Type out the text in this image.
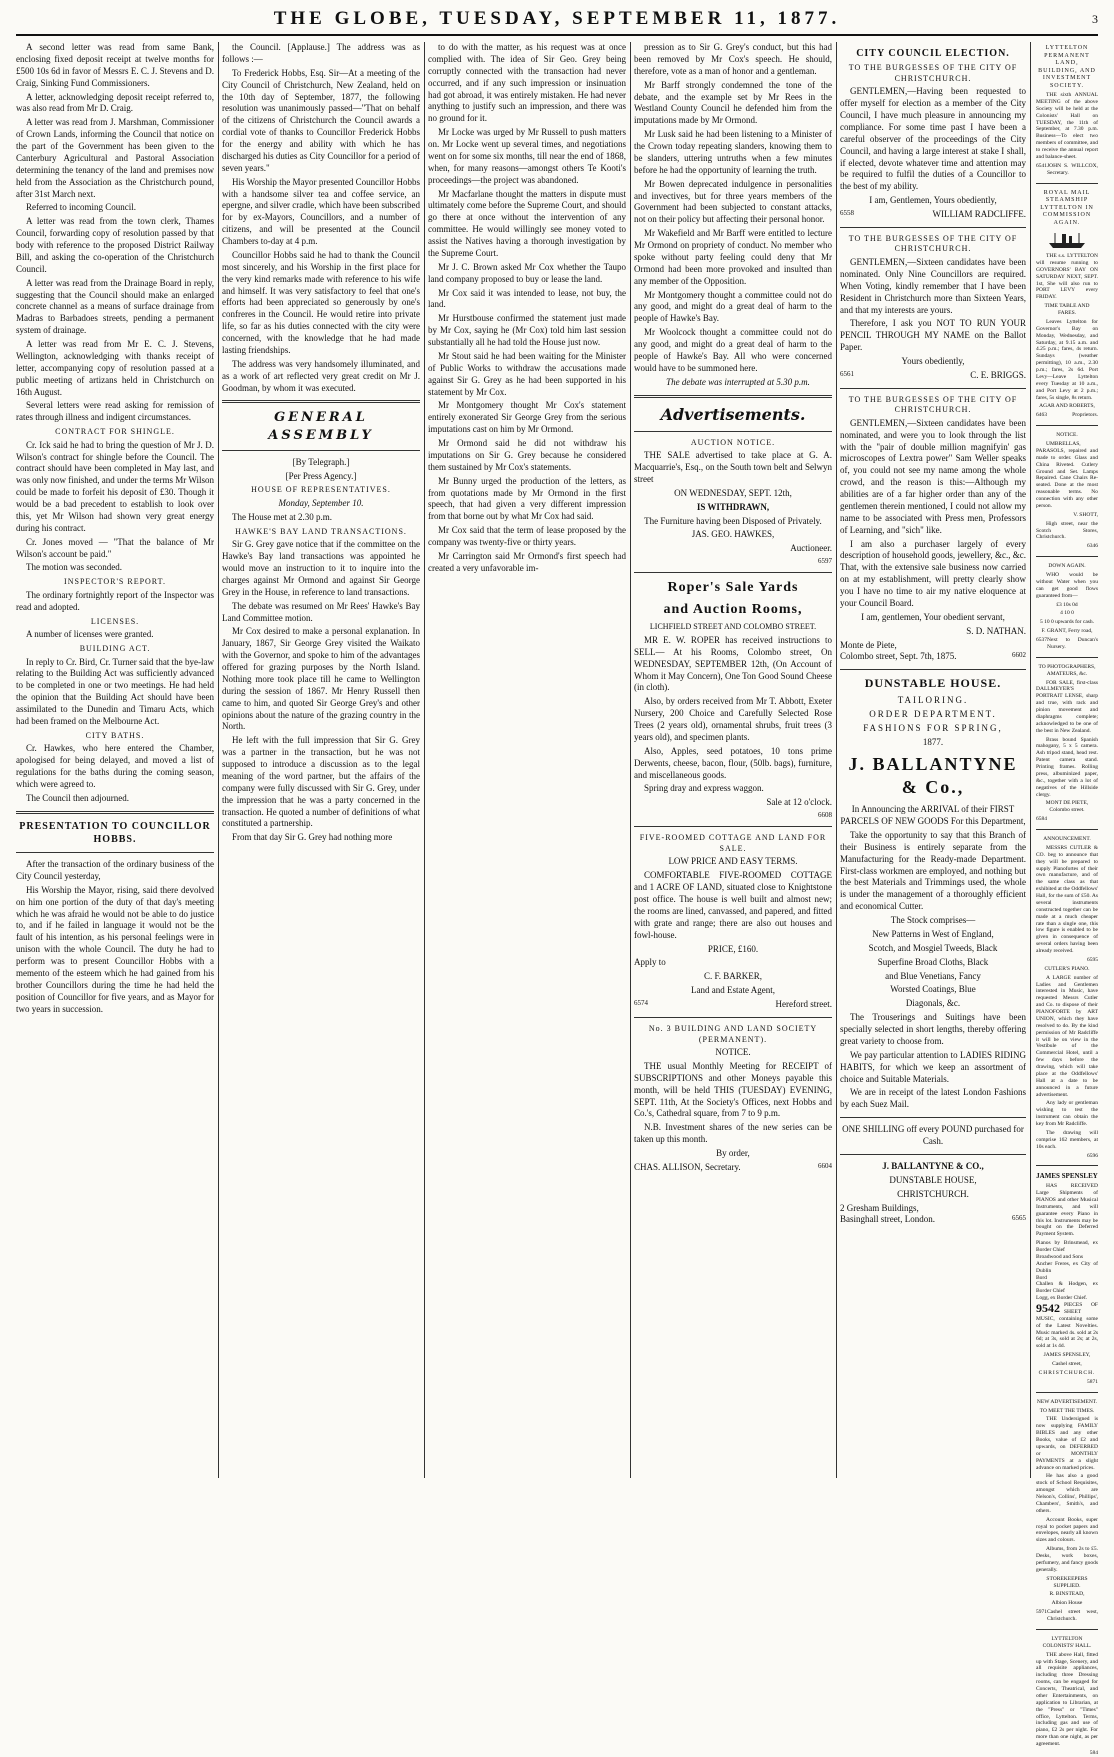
THE GLOBE, TUESDAY, SEPTEMBER 11, 1877.	3

A second letter was read from same Bank, enclosing fixed deposit receipt at twelve months for £500 10s 6d in favor of Messrs E. C. J. Stevens and D. Craig, Sinking Fund Commissioners.

A letter, acknowledging deposit receipt referred to, was also read from Mr D. Craig.

A letter was read from J. Marshman, Commissioner of Crown Lands, informing the Council that notice on the part of the Government has been given to the Canterbury Agricultural and Pastoral Association determining the tenancy of the land and premises now held from the Association as the Christchurch pound, after 31st March next.

Referred to incoming Council.

A letter was read from the town clerk, Thames Council, forwarding copy of resolution passed by that body with reference to the proposed District Railway Bill, and asking the co-operation of the Christchurch Council.

A letter was read from the Drainage Board in reply, suggesting that the Council should make an enlarged concrete channel as a means of surface drainage from Madras to Barbadoes streets, pending a permanent system of drainage.

A letter was read from Mr E. C. J. Stevens, Wellington, acknowledging with thanks receipt of letter, accompanying copy of resolution passed at a public meeting of artizans held in Christchurch on 16th August.

Several letters were read asking for remission of rates through illness and indigent circumstances.

CONTRACT FOR SHINGLE.

Cr. Ick said he had to bring the question of Mr J. D. Wilson's contract for shingle before the Council. The contract should have been completed in May last, and was only now finished, and under the terms Mr Wilson could be made to forfeit his deposit of £30. Though it would be a bad precedent to establish to look over this, yet Mr Wilson had shown very great energy during his contract.

Cr. Jones moved — "That the balance of Mr Wilson's account be paid."

The motion was seconded.

INSPECTOR'S REPORT.

The ordinary fortnightly report of the Inspector was read and adopted.

LICENSES.

A number of licenses were granted.

BUILDING ACT.

In reply to Cr. Bird, Cr. Turner said that the bye-law relating to the Building Act was sufficiently advanced to be completed in one or two meetings. He had held the opinion that the Building Act should have been assimilated to the Dunedin and Timaru Acts, which had been framed on the Melbourne Act.

CITY BATHS.

Cr. Hawkes, who here entered the Chamber, apologised for being delayed, and moved a list of regulations for the baths during the coming season, which were agreed to.

The Council then adjourned.

PRESENTATION TO COUNCILLOR HOBBS.

After the transaction of the ordinary business of the City Council yesterday,

His Worship the Mayor, rising, said there devolved on him one portion of the duty of that day's meeting which he was afraid he would not be able to do justice to, and if he failed in language it would not be the fault of his intention, as his personal feelings were in unison with the whole Council. The duty he had to perform was to present Councillor Hobbs with a memento of the esteem which he had gained from his brother Councillors during the time he had held the position of Councillor for five years, and as Mayor for two years in succession.

the Council. [Applause.] The address was as follows :—

To Frederick Hobbs, Esq. Sir—At a meeting of the City Council of Christchurch, New Zealand, held on the 10th day of September, 1877, the following resolution was unanimously passed—"That on behalf of the citizens of Christchurch the Council awards a cordial vote of thanks to Councillor Frederick Hobbs for the energy and ability with which he has discharged his duties as City Councillor for a period of seven years."

His Worship the Mayor presented Councillor Hobbs with a handsome silver tea and coffee service, an epergne, and silver cradle, which have been subscribed for by ex-Mayors, Councillors, and a number of citizens, and will be presented at the Council Chambers to-day at 4 p.m.

Councillor Hobbs said he had to thank the Council most sincerely, and his Worship in the first place for the very kind remarks made with reference to his wife and himself. It was very satisfactory to feel that one's efforts had been appreciated so generously by one's confreres in the Council. He would retire into private life, so far as his duties connected with the city were concerned, with the knowledge that he had made lasting friendships.

The address was very handsomely illuminated, and as a work of art reflected very great credit on Mr J. Goodman, by whom it was executed.

GENERAL ASSEMBLY
[By Telegraph.]
[Per Press Agency.]
HOUSE OF REPRESENTATIVES.
Monday, September 10.

The House met at 2.30 p.m.

HAWKE'S BAY LAND TRANSACTIONS.

Sir G. Grey gave notice that if the committee on the Hawke's Bay land transactions was appointed he would move an instruction to it to inquire into the charges against Mr Ormond and against Sir George Grey in the House, in reference to land transactions.

The debate was resumed on Mr Rees' Hawke's Bay Land Committee motion.

Mr Cox desired to make a personal explanation. In January, 1867, Sir George Grey visited the Waikato with the Governor, and spoke to him of the advantages offered for grazing purposes by the North Island. Nothing more took place till he came to Wellington during the session of 1867. Mr Henry Russell then came to him, and quoted Sir George Grey's and other opinions about the nature of the grazing country in the North.

He left with the full impression that Sir G. Grey was a partner in the transaction, but he was not supposed to introduce a discussion as to the legal meaning of the word partner, but the affairs of the company were fully discussed with Sir G. Grey, under the impression that he was a party concerned in the transaction. He quoted a number of definitions of what constituted a partnership.

From that day Sir G. Grey had nothing more

to do with the matter, as his request was at once complied with. The idea of Sir Geo. Grey being corruptly connected with the transaction had never occurred, and if any such impression or insinuation had got abroad, it was entirely mistaken. He had never anything to justify such an impression, and there was no ground for it.

Mr Locke was urged by Mr Russell to push matters on. Mr Locke went up several times, and negotiations went on for some six months, till near the end of 1868, when, for many reasons—amongst others Te Kooti's proceedings—the project was abandoned.

Mr Macfarlane thought the matters in dispute must ultimately come before the Supreme Court, and should go there at once without the intervention of any committee. He would willingly see money voted to assist the Natives having a thorough investigation by the Supreme Court.

Mr J. C. Brown asked Mr Cox whether the Taupo land company proposed to buy or lease the land.

Mr Cox said it was intended to lease, not buy, the land.

Mr Hurstbouse confirmed the statement just made by Mr Cox, saying he (Mr Cox) told him last session substantially all he had told the House just now.

Mr Stout said he had been waiting for the Minister of Public Works to withdraw the accusations made against Sir G. Grey as he had been supported in his statement by Mr Cox.

Mr Montgomery thought Mr Cox's statement entirely exonerated Sir George Grey from the serious imputations cast on him by Mr Ormond.

Mr Ormond said he did not withdraw his imputations on Sir G. Grey because he considered them sustained by Mr Cox's statements.

Mr Bunny urged the production of the letters, as from quotations made by Mr Ormond in the first speech, that had given a very different impression from that borne out by what Mr Cox had said.

Mr Cox said that the term of lease proposed by the company was twenty-five or thirty years.

Mr Carrington said Mr Ormond's first speech had created a very unfavorable im-

pression as to Sir G. Grey's conduct, but this had been removed by Mr Cox's speech. He should, therefore, vote as a man of honor and a gentleman.

Mr Barff strongly condemned the tone of the debate, and the example set by Mr Rees in the Westland County Council he defended him from the imputations made by Mr Ormond.

Mr Lusk said he had been listening to a Minister of the Crown today repeating slanders, knowing them to be slanders, uttering untruths when a few minutes before he had the opportunity of learning the truth.

Mr Bowen deprecated indulgence in personalities and invectives, but for three years members of the Government had been subjected to constant attacks, not on their policy but affecting their personal honor.

Mr Wakefield and Mr Barff were entitled to lecture Mr Ormond on propriety of conduct. No member who spoke without party feeling could deny that Mr Ormond had been more provoked and insulted than any member of the Opposition.

Mr Montgomery thought a committee could not do any good, and might do a great deal of harm to the people of Hawke's Bay.

Mr Woolcock thought a committee could not do any good, and might do a great deal of harm to the people of Hawke's Bay. All who were concerned would have to be summoned here.

The debate was interrupted at 5.30 p.m.

Advertisements.
AUCTION NOTICE.

THE SALE advertised to take place at G. A. Macquarrie's, Esq., on the South town belt and Selwyn street

ON WEDNESDAY, SEPT. 12th,
IS WITHDRAWN,
The Furniture having been Disposed of Privately.
JAS. GEO. HAWKES,
Auctioneer.
6597
Roper's Sale Yards
and Auction Rooms,
LICHFIELD STREET AND COLOMBO STREET.

MR E. W. ROPER has received instructions to SELL— At his Rooms, Colombo street, On WEDNESDAY, SEPTEMBER 12th, (On Account of Whom it May Concern), One Ton Good Sound Cheese (in cloth).

Also, by orders received from Mr T. Abbott, Exeter Nursery, 200 Choice and Carefully Selected Rose Trees (2 years old), ornamental shrubs, fruit trees (3 years old), and specimen plants.

Also, Apples, seed potatoes, 10 tons prime Derwents, cheese, bacon, flour, (50lb. bags), furniture, and miscellaneous goods.

Spring dray and express waggon.

Sale at 12 o'clock.
6608
FIVE-ROOMED COTTAGE AND LAND FOR SALE.
LOW PRICE AND EASY TERMS.

COMFORTABLE FIVE-ROOMED COTTAGE and 1 ACRE OF LAND, situated close to Knightstone post office. The house is well built and almost new; the rooms are lined, canvassed, and papered, and fitted with grate and range; there are also out houses and fowl-house.

PRICE, £160.
Apply to
C. F. BARKER,
Land and Estate Agent,
6574	Hereford street.
No. 3 BUILDING AND LAND SOCIETY (PERMANENT).
NOTICE.

THE usual Monthly Meeting for RECEIPT of SUBSCRIPTIONS and other Moneys payable this month, will be held THIS (TUESDAY) EVENING, SEPT. 11th, At the Society's Offices, next Hobbs and Co.'s, Cathedral square, from 7 to 9 p.m.

N.B. Investment shares of the new series can be taken up this month.

By order,
CHAS. ALLISON, Secretary.	6604
CITY COUNCIL ELECTION.
TO THE BURGESSES OF THE CITY OF CHRISTCHURCH.

GENTLEMEN,—Having been requested to offer myself for election as a member of the City Council, I have much pleasure in announcing my compliance. For some time past I have been a careful observer of the proceedings of the City Council, and having a large interest at stake I shall, if elected, devote whatever time and attention may be required to fulfil the duties of a Councillor to the best of my ability.

I am, Gentlemen, Yours obediently,
6558	WILLIAM RADCLIFFE.
TO THE BURGESSES OF THE CITY OF CHRISTCHURCH.

GENTLEMEN,—Sixteen candidates have been nominated. Only Nine Councillors are required. When Voting, kindly remember that I have been Resident in Christchurch more than Sixteen Years, and that my interests are yours.

Therefore, I ask you NOT TO RUN YOUR PENCIL THROUGH MY NAME on the Ballot Paper.

Yours obediently,
6561	C. E. BRIGGS.
TO THE BURGESSES OF THE CITY OF CHRISTCHURCH.

GENTLEMEN,—Sixteen candidates have been nominated, and were you to look through the list with the "pair of double million magnifyin' gas microscopes of Lextra power" Sam Weller speaks of, you could not see my name among the whole crowd, and the reason is this:—Although my abilities are of a far higher order than any of the gentlemen therein mentioned, I could not allow my name to be associated with Press men, Professors of Learning, and "sich" like.

I am also a purchaser largely of every description of household goods, jewellery, &c., &c. That, with the extensive sale business now carried on at my establishment, will pretty clearly show you I have no time to air my native eloquence at your Council Board.

I am, gentlemen, Your obedient servant,
S. D. NATHAN.
Monte de Piete,
Colombo street, Sept. 7th, 1875.	6602
DUNSTABLE HOUSE.
TAILORING.
ORDER DEPARTMENT.
FASHIONS FOR SPRING,
1877.
J. BALLANTYNE & Co.,
In Announcing the ARRIVAL of their FIRST PARCELS OF NEW GOODS For this Department,

Take the opportunity to say that this Branch of their Business is entirely separate from the Manufacturing for the Ready-made Department. First-class workmen are employed, and nothing but the best Materials and Trimmings used, the whole is under the management of a thoroughly efficient and economical Cutter.

The Stock comprises—
New Patterns in West of England,
Scotch, and Mosgiel Tweeds, Black
Superfine Broad Cloths, Black
and Blue Venetians, Fancy
Worsted Coatings, Blue
Diagonals, &c.

The Trouserings and Suitings have been specially selected in short lengths, thereby offering great variety to choose from.

We pay particular attention to LADIES RIDING HABITS, for which we keep an assortment of choice and Suitable Materials.

We are in receipt of the latest London Fashions by each Suez Mail.

ONE SHILLING off every POUND purchased for Cash.
J. BALLANTYNE & CO.,
DUNSTABLE HOUSE,
CHRISTCHURCH.
2 Gresham Buildings,
Basinghall street, London.	6565
LYTTELTON PERMANENT LAND, BUILDING, AND INVESTMENT SOCIETY.

THE sixth ANNUAL MEETING of the above Society will be held at the Colonists' Hall on TUESDAY, the 11th of September, at 7.30 p.m. Business—To elect two members of committee, and to receive the annual report and balance-sheet.

6541 JOHN S. WILLCOX, Secretary.
ROYAL MAIL STEAMSHIP LYTTELTON IN COMMISSION AGAIN.

THE s.s. LYTTELTON will resume running to GOVERNORS' BAY ON SATURDAY NEXT, SEPT. 1st, She will also run to PORT LEVY every FRIDAY.

TIME TABLE AND FARES.

Leaves Lyttelton for Governor's Bay on Monday, Wednesday, and Saturday, at 9.15 a.m. and 4.25 p.m.; fares, 4s return. Sundays (weather permitting), 10 a.m., 2.30 p.m.; fares, 2s 6d. Port Levy—Leave Lyttelton every Tuesday at 10 a.m., and Port Levy at 2 p.m.; fares, 5s single, 8s return.

AGAR AND ROBERTS,
6463	Proprietors.
NOTICE.

UMBRELLAS, PARASOLS, repaired and made to order. Glass and China Riveted. Cutlery Ground and Set. Lamps Repaired. Cane Chairs Re-seated. Done at the most reasonable terms. No connection with any other person.

V. SHOTT,

High street, near the Scotch Stores, Christchurch.

6346
DOWN AGAIN.

WHO would be without Water when you can get good flows guaranteed from—

£3 10s 0d
4 10 0
5 10 0 upwards for cash.
F. GRANT, Ferry road,
6537 Next to Duncan's Nursery.
TO PHOTOGRAPHERS, AMATEURS, &c.

FOR SALE, first-class DALLMEYER'S PORTRAIT LENSE, sharp and true, with rack and pinion movement and diaphragms complete; acknowledged to be one of the best in New Zealand.

Brass bound Spanish mahogany, 5 x 5 camera. Ash tripod stand, head rest. Patent camera stand. Printing frames. Rolling press, albuminized paper, &c., together with a lot of negatives of the Hillside clergy.

MONT DE PIETE, Colombo street.
6584
ANNOUNCEMENT.

MESSRS CUTLER & CO. beg to announce that they will be prepared to supply Pianofortes of their own manufacture, and of the same class as that exhibited at the Oddfellows' Hall, for the sum of £50. As several instruments constructed together can be made at a much cheaper rate than a single one, this low figure is enabled to be given in consequence of several orders having been already received.

6595
CUTLER'S PIANO.

A LARGE number of Ladies and Gentlemen interested in Music, have requested Messrs Cutler and Co. to dispose of their PIANOFORTE by ART UNION, which they have resolved to do. By the kind permission of Mr Radcliffe it will be on view in the Vestibule of the Commercial Hotel, until a few days before the drawing, which will take place at the Oddfellows' Hall at a date to be announced in a future advertisement.

Any lady or gentleman wishing to test the instrument can obtain the key from Mr Radcliffe.

The drawing will comprise 162 members, at 10s each.

6596
JAMES SPENSLEY

HAS RECEIVED Large Shipments of PIANOS and other Musical Instruments, and will guarantee every Piano in this lot. Instruments may be bought on the Deferred Payment System.

Pianos by Brinsmead, ex Border Chief
Broadwood and Sons
Ancher Freres, ex City of Dublin
Bord
Challen & Hodgen, ex Border Chief
Logg, ex Border Chief.
9542 PIECES OF SHEET MUSIC, containing some of the Latest Novelties. Music marked 4s. sold at 2s 6d; at 3s, sold at 2s; at 2s, sold at 1s 4d.
JAMES SPENSLEY,
Cashel street,
CHRISTCHURCH.
5871
NEW ADVERTISEMENT.
TO MEET THE TIMES.

THE Undersigned is now supplying FAMILY BIBLES and any other Books, value of £2 and upwards, on DEFERRED or MONTHLY PAYMENTS at a slight advance on marked prices.

He has also a good stock of School Requisites, amongst which are Nelson's, Collins', Phillips', Chambers', Smith's, and others.

Account Books, super royal to pocket papers and envelopes, nearly all known sizes and colours.

Albums, from 2s to £5. Desks, work boxes, perfumery, and fancy goods generally.

STOREKEEPERS SUPPLIED.
R. BINSTEAD,
Albion House
5971 Cashel street west, Christchurch.
LYTTELTON COLONISTS' HALL.

THE above Hall, fitted up with Stage, Scenery, and all requisite appliances, including three Dressing rooms, can be engaged for Concerts, Theatrical, and other Entertainments, on application to Librarian, at the "Press" or "Times" office, Lyttelton. Terms, including gas and use of piano, £2 2s per night. For more than one night, as per agreement.

584
